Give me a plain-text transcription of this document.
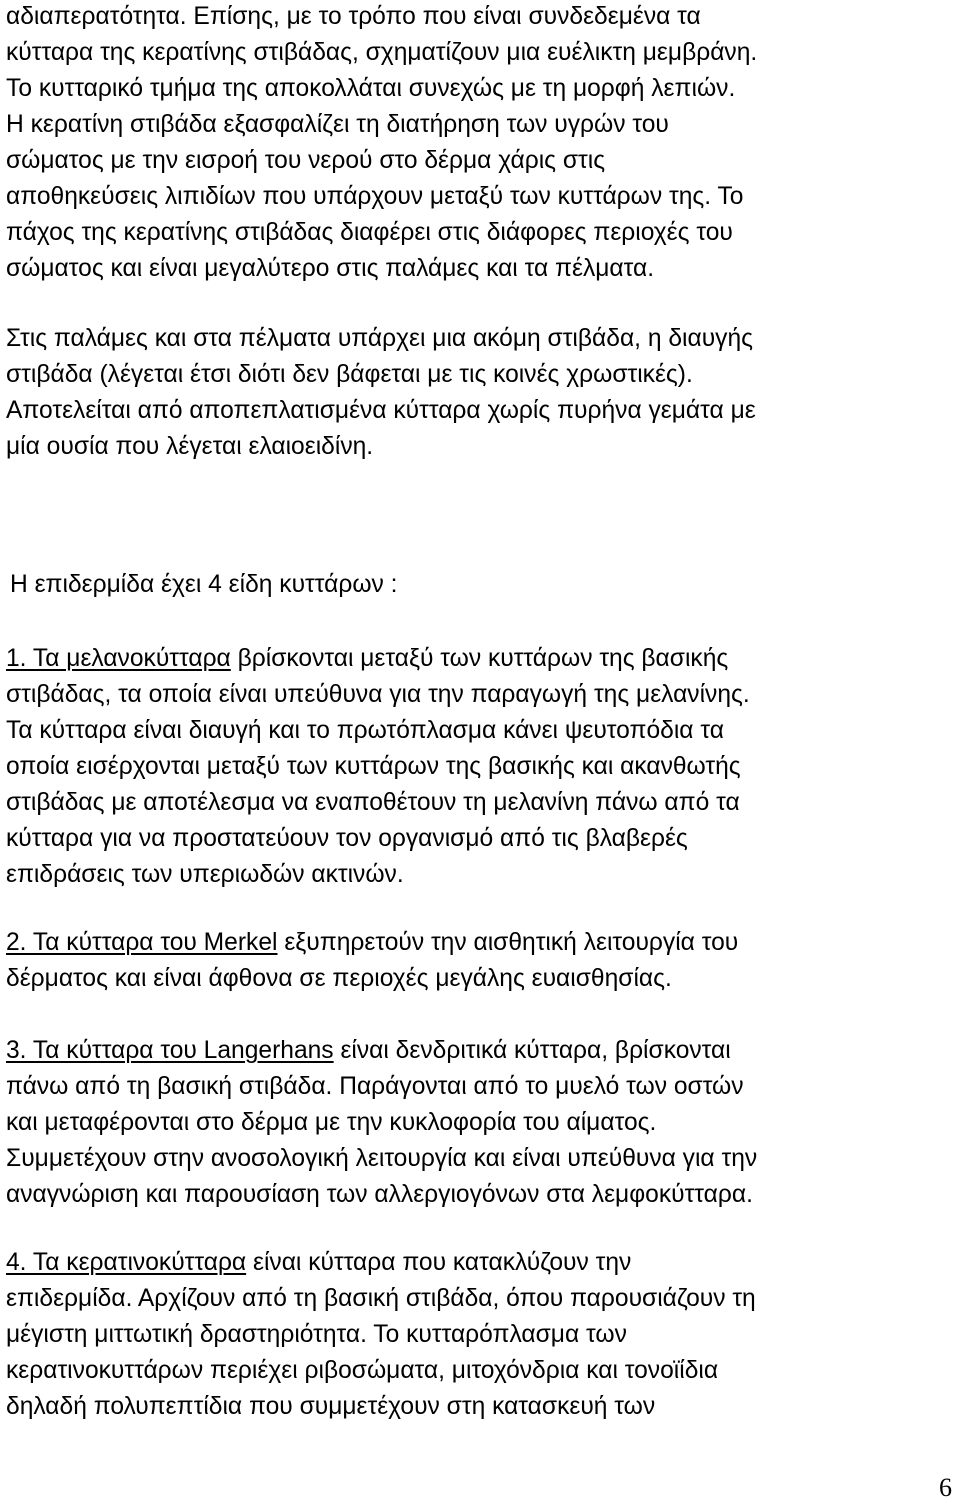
αδιαπερατότητα. Επίσης, με το τρόπο που είναι συνδεδεμένα τα
κύτταρα της κερατίνης στιβάδας, σχηματίζουν μια ευέλικτη μεμβράνη.
Το κυτταρικό τμήμα της αποκολλάται συνεχώς με τη μορφή λεπιών.
Η κερατίνη στιβάδα εξασφαλίζει τη διατήρηση των υγρών του
σώματος με την εισροή του νερού στο δέρμα χάρις στις
αποθηκεύσεις λιπιδίων που υπάρχουν μεταξύ των κυττάρων της. Το
πάχος της κερατίνης στιβάδας διαφέρει στις διάφορες περιοχές του
σώματος και είναι μεγαλύτερο στις παλάμες και τα πέλματα.

Στις παλάμες και στα πέλματα υπάρχει μια ακόμη στιβάδα, η διαυγής
στιβάδα (λέγεται έτσι διότι δεν βάφεται με τις κοινές χρωστικές).
Αποτελείται από αποπεπλατισμένα κύτταρα χωρίς πυρήνα γεμάτα με
μία ουσία που λέγεται ελαιοειδίνη.

Η επιδερμίδα έχει 4 είδη κυττάρων :

1. Τα μελανοκύτταρα βρίσκονται μεταξύ των κυττάρων της βασικής
στιβάδας, τα οποία είναι υπεύθυνα για την παραγωγή της μελανίνης.
Τα κύτταρα είναι διαυγή και το πρωτόπλασμα κάνει ψευτοπόδια τα
οποία εισέρχονται μεταξύ των κυττάρων της βασικής και ακανθωτής
στιβάδας με αποτέλεσμα να εναποθέτουν τη μελανίνη πάνω από τα
κύτταρα για να προστατεύουν τον οργανισμό από τις βλαβερές
επιδράσεις των υπεριωδών ακτινών.

2. Τα κύτταρα του Merkel εξυπηρετούν την αισθητική λειτουργία του
δέρματος και είναι άφθονα σε περιοχές μεγάλης ευαισθησίας.

3. Τα κύτταρα του Langerhans είναι δενδριτικά κύτταρα, βρίσκονται
πάνω από τη βασική στιβάδα. Παράγονται από το μυελό των οστών
και μεταφέρονται στο δέρμα με την κυκλοφορία του αίματος.
Συμμετέχουν στην ανοσολογική λειτουργία και είναι υπεύθυνα για την
αναγνώριση και παρουσίαση των αλλεργιογόνων στα λεμφοκύτταρα.

4. Τα κερατινοκύτταρα είναι κύτταρα που κατακλύζουν την
επιδερμίδα. Αρχίζουν από τη βασική στιβάδα, όπου παρουσιάζουν τη
μέγιστη μιττωτική δραστηριότητα. Το κυτταρόπλασμα των
κερατινοκυττάρων περιέχει ριβοσώματα, μιτοχόνδρια και τονοϊίδια
δηλαδή πολυπεπτίδια που συμμετέχουν στη κατασκευή των

6
